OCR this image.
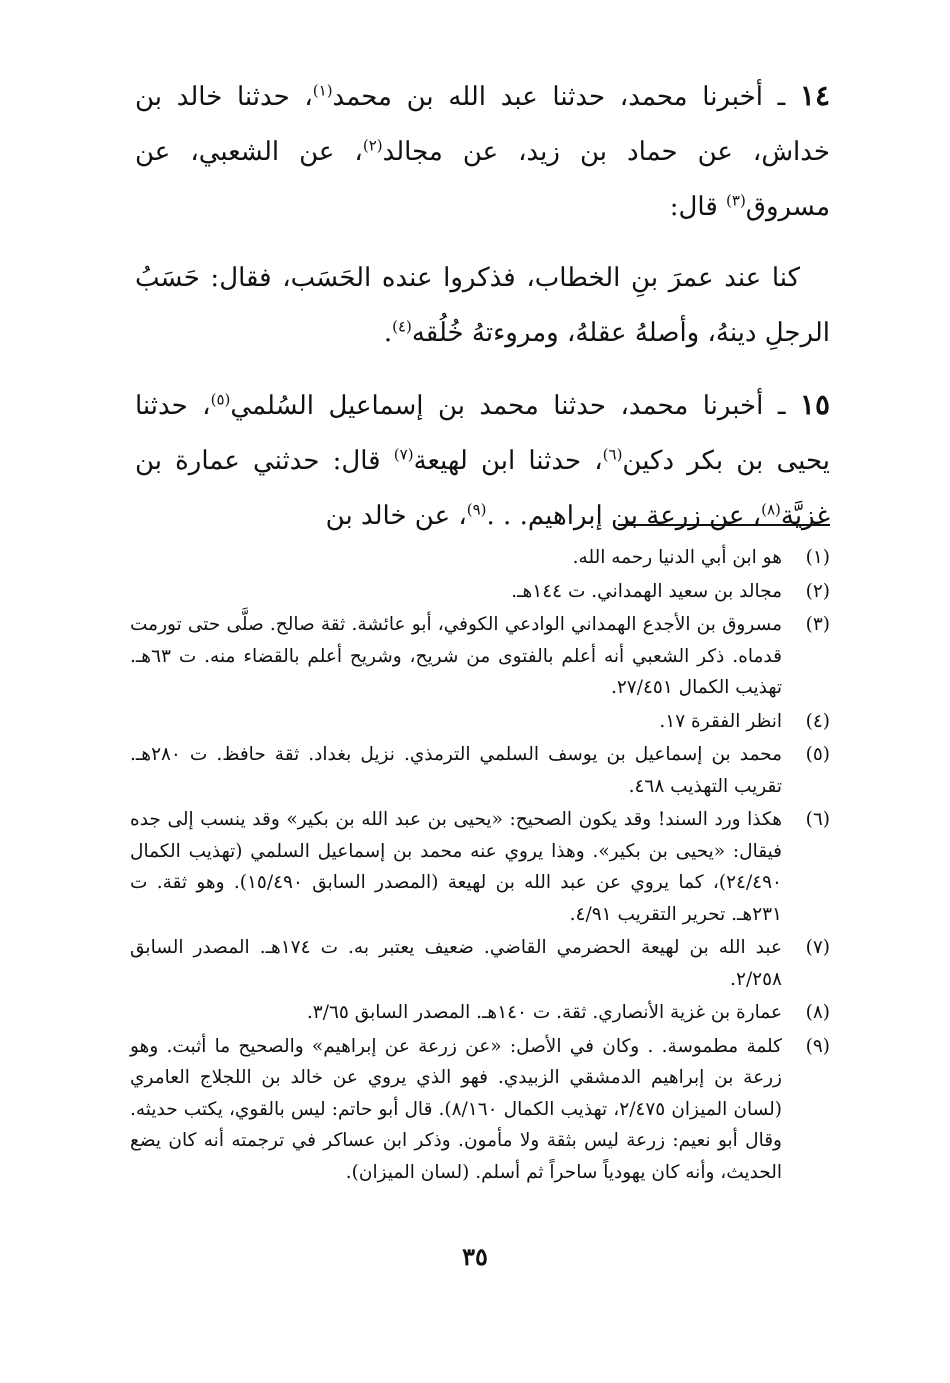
١٤ ـ أخبرنا محمد، حدثنا عبد الله بن محمد$^{(١)}$، حدثنا خالد بن خداش، عن حماد بن زيد، عن مجالد$^{(٢)}$، عن الشعبي، عن مسروق$^{(٣)}$ قال:

كنا عند عمرَ بنِ الخطاب، فذكروا عنده الحَسَب، فقال: حَسَبُ الرجلِ دينهُ، وأصلهُ عقلهُ، ومروءتهُ خُلُقه$^{(٤)}$.

١٥ ـ أخبرنا محمد، حدثنا محمد بن إسماعيل السُلمي$^{(٥)}$، حدثنا يحيى بن بكر دكين$^{(٦)}$، حدثنا ابن لهيعة$^{(٧)}$ قال: حدثني عمارة بن غزيَّة$^{(٨)}$، عن زرعة بن إبراهيم. . .$^{(٩)}$، عن خالد بن

(١)
هو ابن أبي الدنيا رحمه الله.
(٢)
مجالد بن سعيد الهمداني. ت ١٤٤هـ.
(٣)
مسروق بن الأجدع الهمداني الوادعي الكوفي، أبو عائشة. ثقة صالح. صلَّى حتى تورمت قدماه. ذكر الشعبي أنه أعلم بالفتوى من شريح، وشريح أعلم بالقضاء منه. ت ٦٣هـ. تهذيب الكمال ٢٧/٤٥١.
(٤)
انظر الفقرة ١٧.
(٥)
محمد بن إسماعيل بن يوسف السلمي الترمذي. نزيل بغداد. ثقة حافظ. ت ٢٨٠هـ. تقريب التهذيب ٤٦٨.
(٦)
هكذا ورد السند! وقد يكون الصحيح: «يحيى بن عبد الله بن بكير» وقد ينسب إلى جده فيقال: «يحيى بن بكير». وهذا يروي عنه محمد بن إسماعيل السلمي (تهذيب الكمال ٢٤/٤٩٠)، كما يروي عن عبد الله بن لهيعة (المصدر السابق ١٥/٤٩٠). وهو ثقة. ت ٢٣١هـ. تحرير التقريب ٤/٩١.
(٧)
عبد الله بن لهيعة الحضرمي القاضي. ضعيف يعتبر به. ت ١٧٤هـ. المصدر السابق ٢/٢٥٨.
(٨)
عمارة بن غزية الأنصاري. ثقة. ت ١٤٠هـ. المصدر السابق ٣/٦٥.
(٩)
كلمة مطموسة. . وكان في الأصل: «عن زرعة عن إبراهيم» والصحيح ما أثبت. وهو زرعة بن إبراهيم الدمشقي الزبيدي. فهو الذي يروي عن خالد بن اللجلاج العامري (لسان الميزان ٢/٤٧٥، تهذيب الكمال ٨/١٦٠). قال أبو حاتم: ليس بالقوي، يكتب حديثه. وقال أبو نعيم: زرعة ليس بثقة ولا مأمون. وذكر ابن عساكر في ترجمته أنه كان يضع الحديث، وأنه كان يهودياً ساحراً ثم أسلم. (لسان الميزان).
٣٥
